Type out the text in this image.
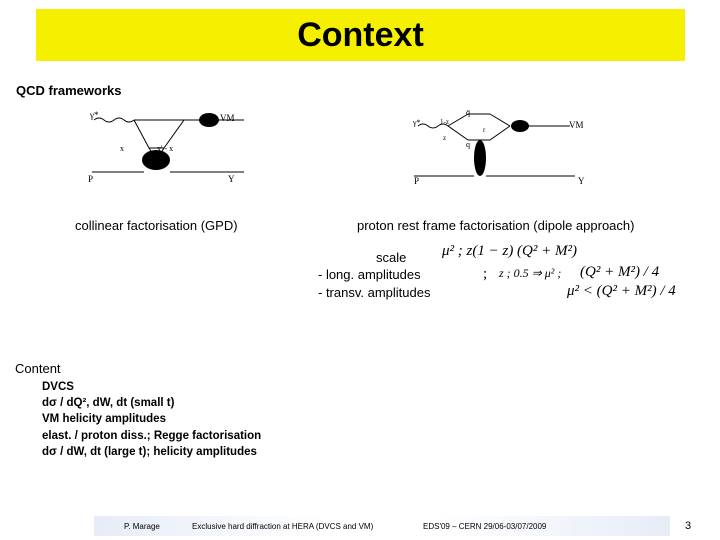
Context
QCD frameworks
γ*	VM
x	x' - x
P	Y
γ*
q̄
q
1-z
z
r	VM
P	Y
collinear factorisation (GPD)	proton rest frame factorisation (dipole approach)
scale
- long. amplitudes
- transv. amplitudes
μ² ; z(1 − z) (Q² + M²)
; z ; 0.5 ⇒ μ² ; (Q² + M²) / 4
μ² < (Q² + M²) / 4
Content
DVCS
dσ / dQ², dW, dt (small t)
VM helicity amplitudes
elast. / proton diss.; Regge factorisation
dσ / dW, dt (large t); helicity amplitudes
P. Marage	Exclusive hard diffraction at HERA (DVCS and VM)	EDS'09 – CERN 29/06-03/07/2009	3
